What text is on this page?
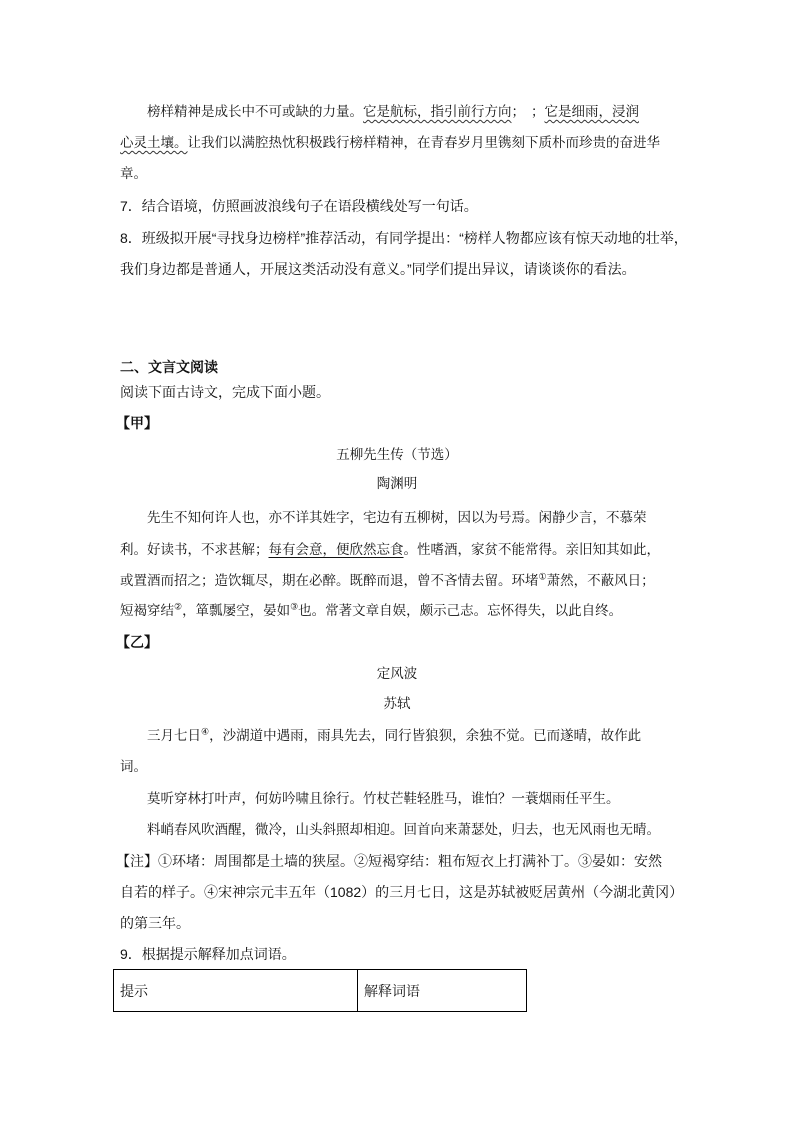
榜样精神是成长中不可或缺的力量。它是航标，指引前行方向； ；它是细雨，浸润
心灵土壤。让我们以满腔热忱积极践行榜样精神，在青春岁月里镌刻下质朴而珍贵的奋进华
章。
7．结合语境，仿照画波浪线句子在语段横线处写一句话。
8．班级拟开展“寻找身边榜样”推荐活动，有同学提出：“榜样人物都应该有惊天动地的壮举，
我们身边都是普通人，开展这类活动没有意义。”同学们提出异议，请谈谈你的看法。
二、文言文阅读
阅读下面古诗文，完成下面小题。
【甲】
五柳先生传（节选）
陶渊明
先生不知何许人也，亦不详其姓字，宅边有五柳树，因以为号焉。闲静少言，不慕荣
利。好读书，不求甚解；每有会意，便欣然忘食。性嗜酒，家贫不能常得。亲旧知其如此，
或置酒而招之；造饮辄尽，期在必醉。既醉而退，曾不吝情去留。环堵①萧然，不蔽风日；
短褐穿结②，箪瓢屡空，晏如③也。常著文章自娱，颇示己志。忘怀得失，以此自终。
【乙】
定风波
苏轼
三月七日④，沙湖道中遇雨，雨具先去，同行皆狼狈，余独不觉。已而遂晴，故作此
词。
莫听穿林打叶声，何妨吟啸且徐行。竹杖芒鞋轻胜马，谁怕？一蓑烟雨任平生。
料峭春风吹酒醒，微冷，山头斜照却相迎。回首向来萧瑟处，归去，也无风雨也无晴。
【注】①环堵：周围都是土墙的狭屋。②短褐穿结：粗布短衣上打满补丁。③晏如：安然
自若的样子。④宋神宗元丰五年（1082）的三月七日，这是苏轼被贬居黄州（今湖北黄冈）
的第三年。
9．根据提示解释加点词语。
提示	解释词语
